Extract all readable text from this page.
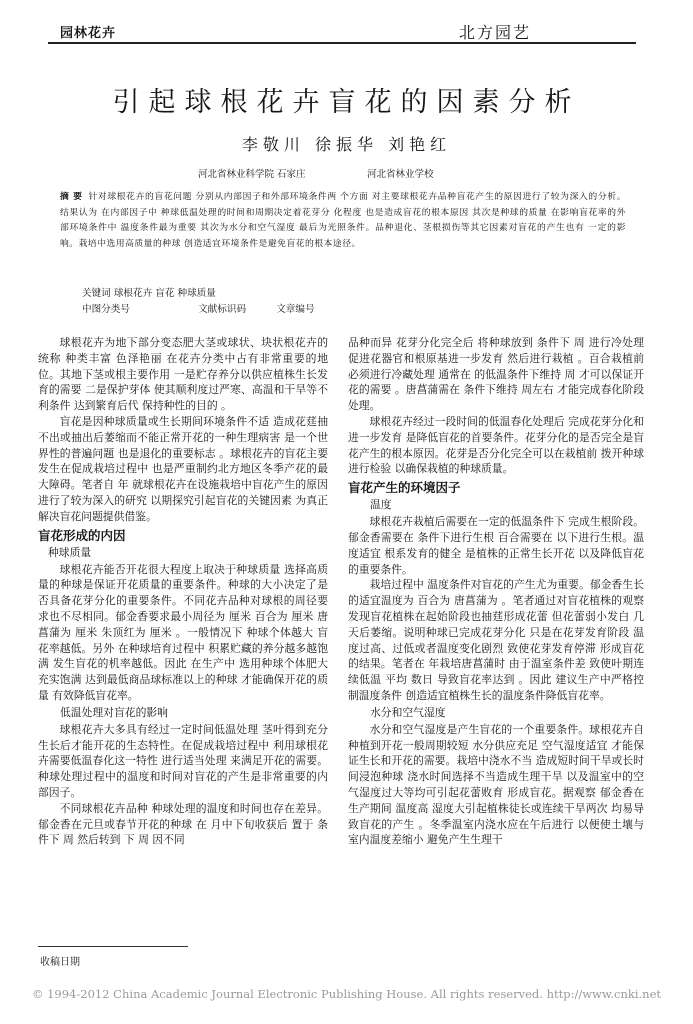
园林花卉	北方园艺
引起球根花卉盲花的因素分析
李敬川 徐振华 刘艳红
河北省林业科学院 石家庄	河北省林业学校
摘 要 针对球根花卉的盲花问题 分别从内部因子和外部环境条件两 个方面 对主要球根花卉品种盲花产生的原因进行了较为深入的分析。结果认为 在内部因子中 种球低温处理的时间和周期决定着花芽分 化程度 也是造成盲花的根本原因 其次是种球的质量 在影响盲花率的外部环境条件中 温度条件最为重要 其次为水分和空气湿度 最后为光照条件。品种退化、茎根损伤等其它因素对盲花的产生也有 一定的影响。栽培中选用高质量的种球 创造适宜环境条件是避免盲花的根本途径。
关键词 球根花卉 盲花 种球质量
中图分类号	文献标识码	文章编号

球根花卉为地下部分变态肥大茎或球状、块状根花卉的统称 种类丰富 色泽艳丽 在花卉分类中占有非常重要的地位。其地下茎或根主要作用 一是贮存养分以供应植株生长发育的需要 二是保护芽体 使其顺利度过严寒、高温和干旱等不利条件 达到繁育后代 保持种性的目的 。

盲花是因种球质量或生长期间环境条件不适 造成花莛抽不出或抽出后萎缩而不能正常开花的一种生理病害 是一个世界性的普遍问题 也是退化的重要标志 。球根花卉的盲花主要发生在促成栽培过程中 也是严重制约北方地区冬季产花的最大障碍。笔者自 年 就球根花卉在设施栽培中盲花产生的原因进行了较为深入的研究 以期探究引起盲花的关键因素 为真正解决盲花问题提供借鉴。

盲花形成的内因
种球质量

球根花卉能否开花很大程度上取决于种球质量 选择高质量的种球是保证开花质量的重要条件。种球的大小决定了是否具备花芽分化的重要条件。不同花卉品种对球根的周径要求也不尽相同。郁金香要求最小周径为 厘米 百合为 厘米 唐菖蒲为 厘米 朱顶红为 厘米 。一般情况下 种球个体越大 盲花率越低。另外 在种球培育过程中 积累贮藏的养分越多越饱满 发生盲花的机率越低。因此 在生产中 选用种球个体肥大 充实饱满 达到最低商品球标准以上的种球 才能确保开花的质量 有效降低盲花率。

低温处理对盲花的影响

球根花卉大多具有经过一定时间低温处理 茎叶得到充分生长后才能开花的生态特性。在促成栽培过程中 利用球根花卉需要低温春化这一特性 进行适当处理 来满足开花的需要。种球处理过程中的温度和时间对盲花的产生是非常重要的内部因子。

不同球根花卉品种 种球处理的温度和时间也存在差异。郁金香在元旦或春节开花的种球 在 月中下旬收获后 置于 条件下 周 然后转到 下 周 因不同

品种而异 花芽分化完全后 将种球放到 条件下 周 进行冷处理 促进花器官和根原基进一步发育 然后进行栽植 。百合栽植前 必须进行冷藏处理 通常在 的低温条件下维持 周 才可以保证开花的需要 。唐菖蒲需在 条件下维持 周左右 才能完成春化阶段处理。

球根花卉经过一段时间的低温春化处理后 完成花芽分化和进一步发育 是降低盲花的首要条件。花芽分化的是否完全是盲花产生的根本原因。花芽是否分化完全可以在栽植前 拨开种球进行检验 以确保栽植的种球质量。

盲花产生的环境因子
温度

球根花卉栽植后需要在一定的低温条件下 完成生根阶段。郁金香需要在 条件下进行生根 百合需要在 以下进行生根。温度适宜 根系发育的健全 是植株的正常生长开花 以及降低盲花的重要条件。

栽培过程中 温度条件对盲花的产生尤为重要。郁金香生长的适宜温度为 百合为 唐菖蒲为 。笔者通过对盲花植株的观察 发现盲花植株在起始阶段也抽莛形成花蕾 但花蕾弱小发白 几天后萎缩。说明种球已完成花芽分化 只是在花芽发育阶段 温度过高、过低或者温度变化剧烈 致使花芽发育停滞 形成盲花的结果。笔者在 年栽培唐菖蒲时 由于温室条件差 致使叶期连续低温 平均 数日 导致盲花率达到 。因此 建议生产中严格控制温度条件 创造适宜植株生长的温度条件降低盲花率。

水分和空气湿度

水分和空气湿度是产生盲花的一个重要条件。球根花卉自种植到开花一般周期较短 水分供应充足 空气湿度适宜 才能保证生长和开花的需要。栽培中浇水不当 造成短时间干旱或长时间浸泡种球 浇水时间选择不当造成生理干旱 以及温室中的空气湿度过大等均可引起花蕾败育 形成盲花。据观察 郁金香在生产期间 温度高 湿度大引起植株徒长或连续干旱两次 均易导致盲花的产生 。冬季温室内浇水应在午后进行 以便使土壤与室内温度差缩小 避免产生生理干

收稿日期
© 1994-2012 China Academic Journal Electronic Publishing House. All rights reserved. http://www.cnki.net
